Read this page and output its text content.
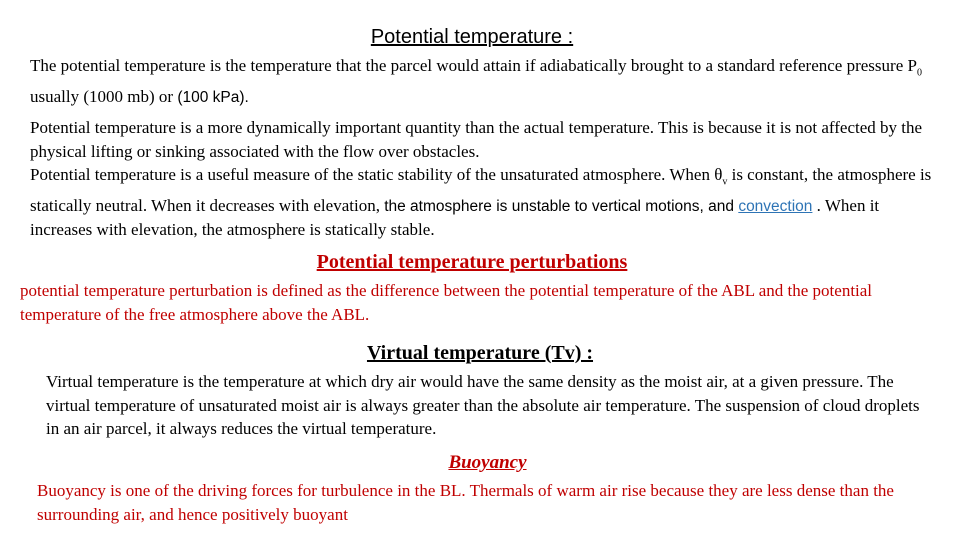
Potential temperature :
The potential temperature is the temperature that the parcel would attain if adiabatically brought to a standard reference pressure $P_0$ usually (1000 mb) or (100 kPa).
Potential temperature is a more dynamically important quantity than the actual temperature. This is because it is not affected by the physical lifting or sinking associated with the flow over obstacles.
Potential temperature is a useful measure of the static stability of the unsaturated atmosphere. When $\theta_v$ is constant, the atmosphere is statically neutral. When it decreases with elevation, the atmosphere is unstable to vertical motions, and convection . When it increases with elevation, the atmosphere is statically stable.
Potential temperature perturbations
potential temperature perturbation is defined as the difference between the potential temperature of the ABL and the potential temperature of the free atmosphere above the ABL.
Virtual temperature (Tv) :
Virtual temperature is the temperature at which dry air would have the same density as the moist air, at a given pressure. The virtual temperature of unsaturated moist air is always greater than the absolute air temperature. The suspension of cloud droplets in an air parcel, it always reduces the virtual temperature.
Buoyancy
Buoyancy is one of the driving forces for turbulence in the BL. Thermals of warm air rise because they are less dense than the surrounding air, and hence positively buoyant
